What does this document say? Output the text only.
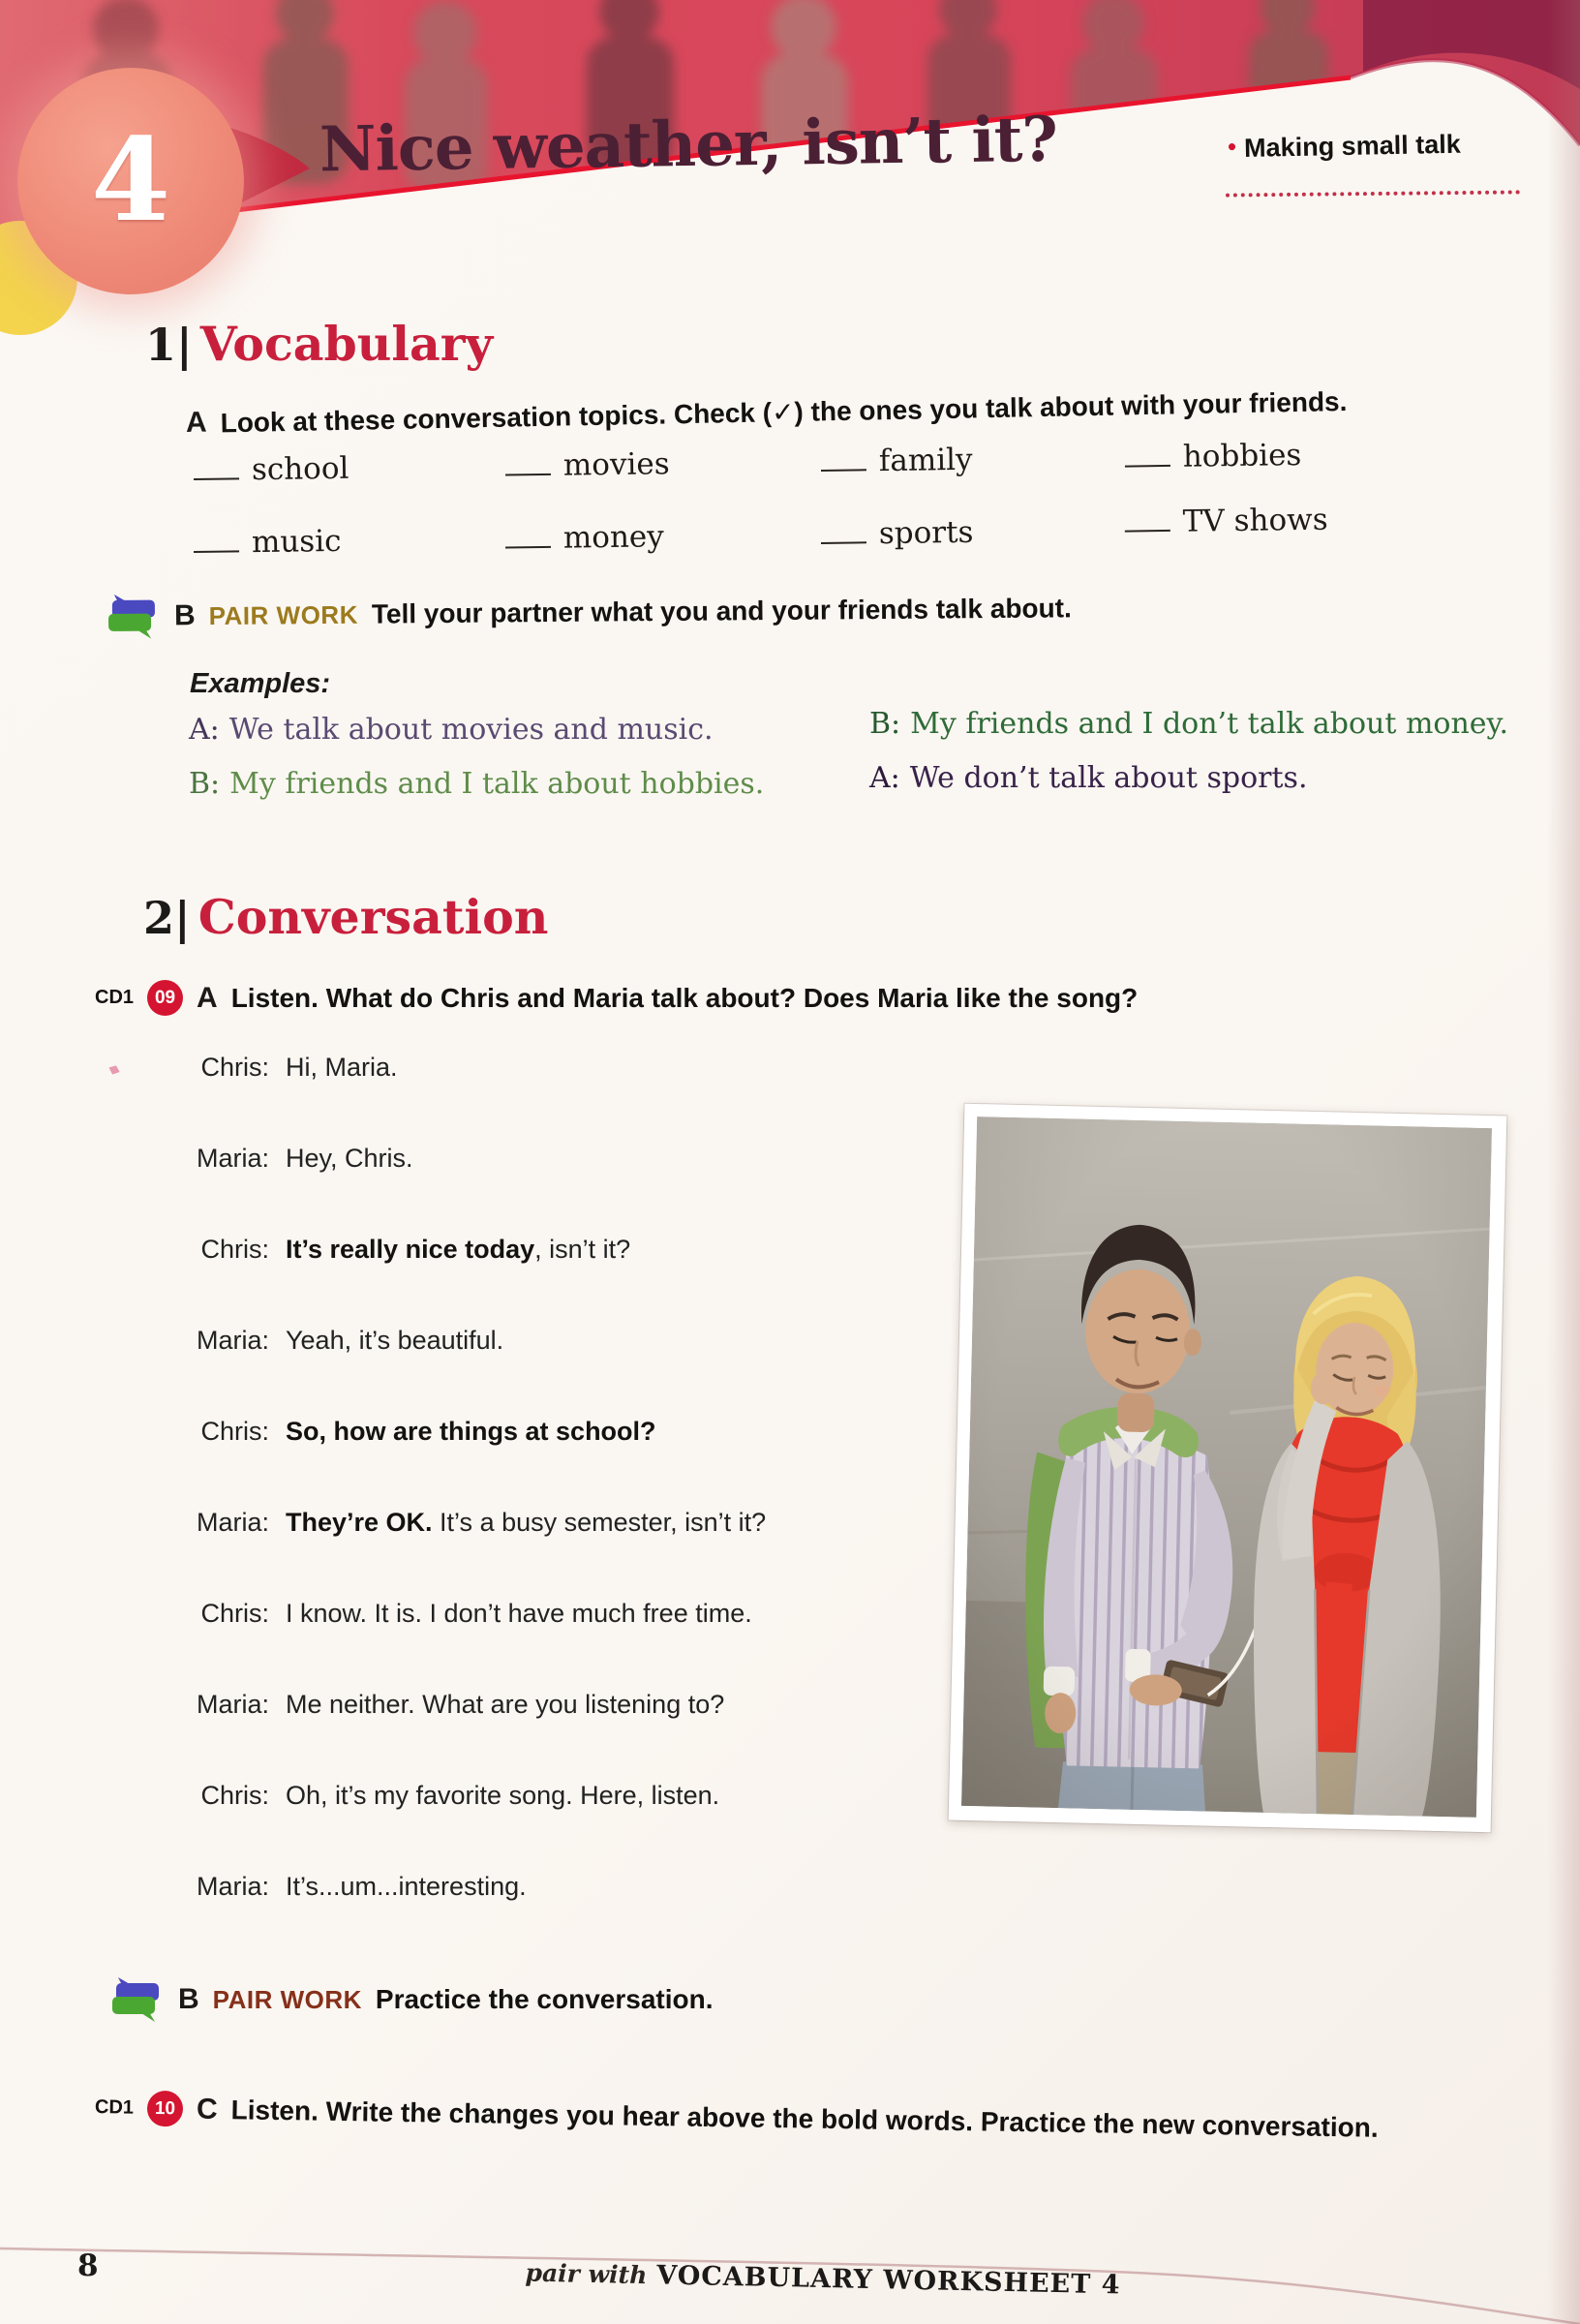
4	Nice weather, isn’t it?	• Making small talk
1| Vocabulary
A Look at these conversation topics. Check (✓) the ones you talk about with your friends.
school	movies	family	hobbies
music	money	sports	TV shows
B PAIR WORK Tell your partner what you and your friends talk about.
Examples:
A: We talk about movies and music.
B: My friends and I talk about hobbies.
B: My friends and I don’t talk about money.
A: We don’t talk about sports.
2| Conversation
CD1	09 A Listen. What do Chris and Maria talk about? Does Maria like the song?
Chris: Hi, Maria.
Maria: Hey, Chris.
Chris: It’s really nice today, isn’t it?
Maria: Yeah, it’s beautiful.
Chris: So, how are things at school?
Maria: They’re OK. It’s a busy semester, isn’t it?
Chris: I know. It is. I don’t have much free time.
Maria: Me neither. What are you listening to?
Chris: Oh, it’s my favorite song. Here, listen.
Maria: It’s...um...interesting.
B PAIR WORK Practice the conversation.
CD1	10 C Listen. Write the changes you hear above the bold words. Practice the new conversation.
8	pair with VOCABULARY WORKSHEET 4
